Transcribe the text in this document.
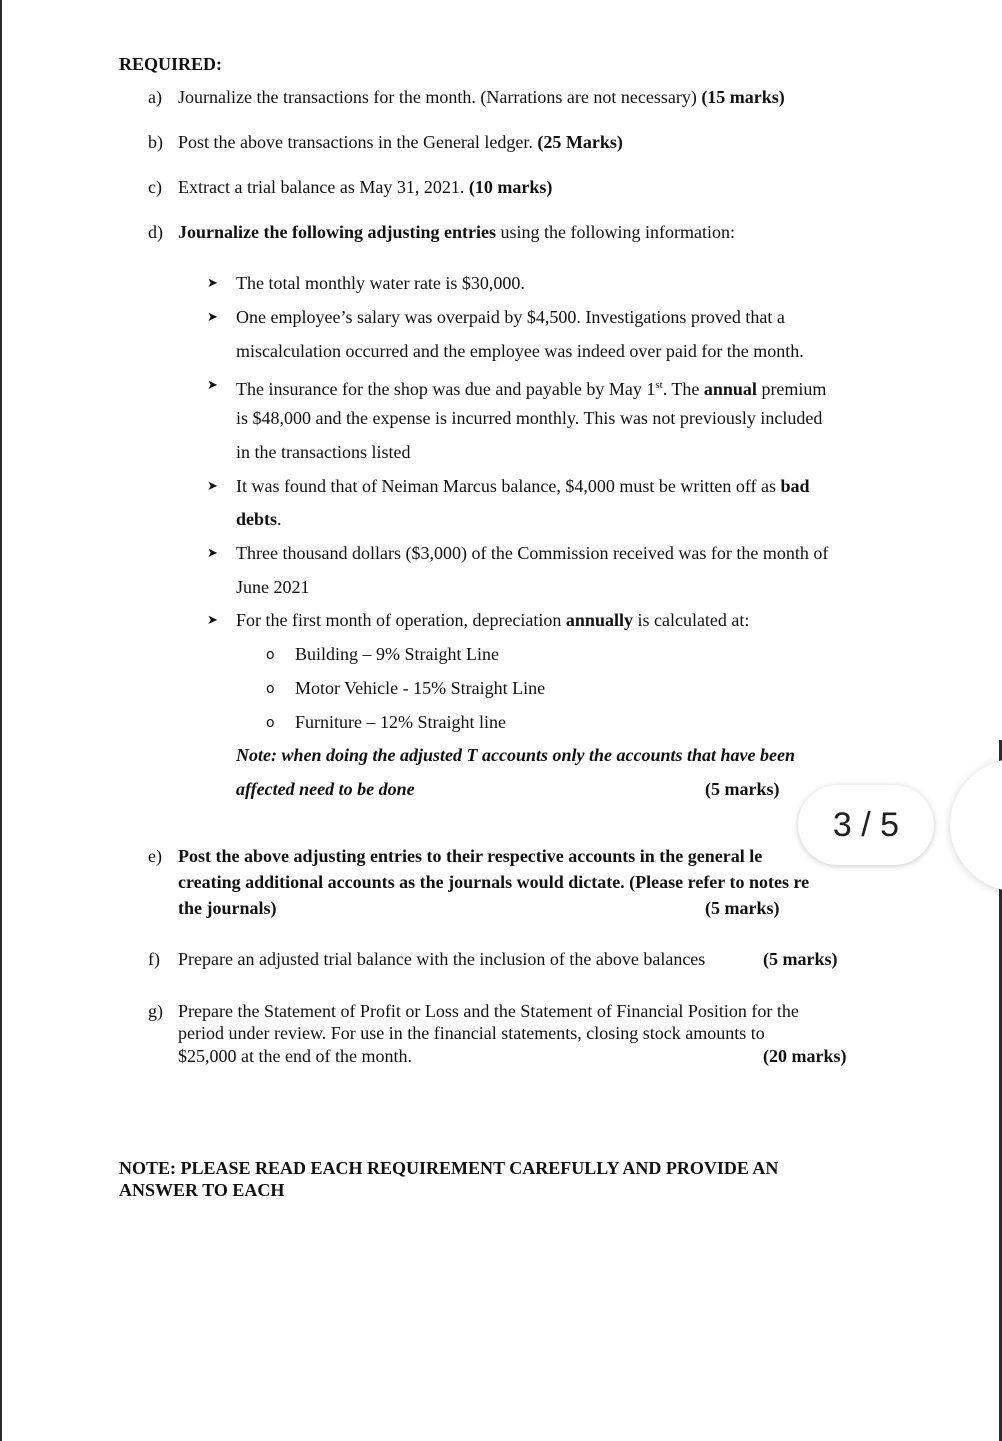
REQUIRED:
a) Journalize the transactions for the month. (Narrations are not necessary) (15 marks)
b) Post the above transactions in the General ledger. (25 Marks)
c) Extract a trial balance as May 31, 2021. (10 marks)
d) Journalize the following adjusting entries using the following information:
➤ The total monthly water rate is $30,000.
➤ One employee’s salary was overpaid by $4,500. Investigations proved that a
miscalculation occurred and the employee was indeed over paid for the month.
➤ The insurance for the shop was due and payable by May 1st. The annual premium
is $48,000 and the expense is incurred monthly. This was not previously included
in the transactions listed
➤ It was found that of Neiman Marcus balance, $4,000 must be written off as bad
debts.
➤ Three thousand dollars ($3,000) of the Commission received was for the month of
June 2021
➤ For the first month of operation, depreciation annually is calculated at:
o Building – 9% Straight Line
o Motor Vehicle - 15% Straight Line
o Furniture – 12% Straight line
Note: when doing the adjusted T accounts only the accounts that have been
affected need to be done	(5 marks)
e) Post the above adjusting entries to their respective accounts in the general le
creating additional accounts as the journals would dictate. (Please refer to notes re
the journals)	(5 marks)
f) Prepare an adjusted trial balance with the inclusion of the above balances	(5 marks)
g) Prepare the Statement of Profit or Loss and the Statement of Financial Position for the
period under review. For use in the financial statements, closing stock amounts to
$25,000 at the end of the month.	(20 marks)
NOTE: PLEASE READ EACH REQUIREMENT CAREFULLY AND PROVIDE AN
ANSWER TO EACH
3 / 5
